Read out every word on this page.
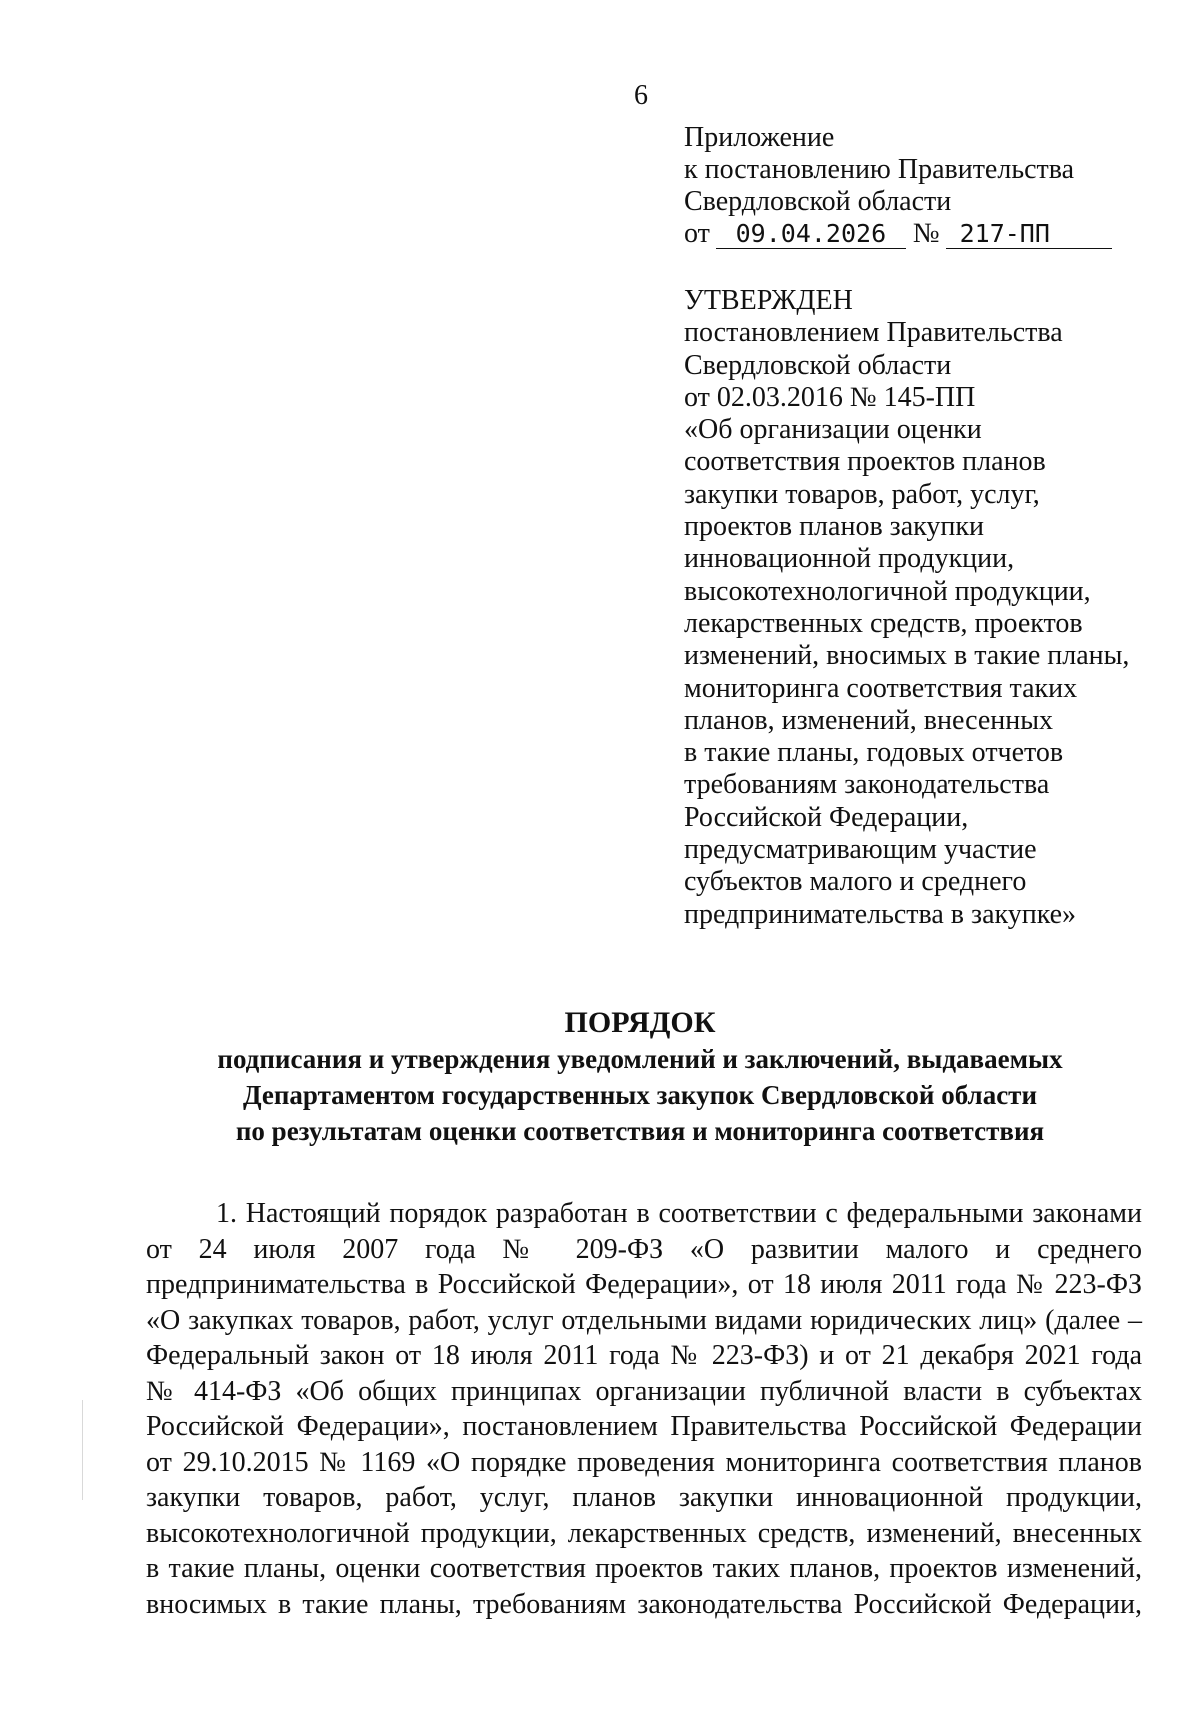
6
Приложение
к постановлению Правительства
Свердловской области
от 09.04.2026 № 217-ПП
УТВЕРЖДЕН
постановлением Правительства
Свердловской области
от 02.03.2016 № 145-ПП
«Об организации оценки
соответствия проектов планов
закупки товаров, работ, услуг,
проектов планов закупки
инновационной продукции,
высокотехнологичной продукции,
лекарственных средств, проектов
изменений, вносимых в такие планы,
мониторинга соответствия таких
планов, изменений, внесенных
в такие планы, годовых отчетов
требованиям законодательства
Российской Федерации,
предусматривающим участие
субъектов малого и среднего
предпринимательства в закупке»
ПОРЯДОК
подписания и утверждения уведомлений и заключений, выдаваемых
Департаментом государственных закупок Свердловской области
по результатам оценки соответствия и мониторинга соответствия
1. Настоящий порядок разработан в соответствии с федеральными законами
от 24 июля 2007 года № 209-ФЗ «О развитии малого и среднего
предпринимательства в Российской Федерации», от 18 июля 2011 года № 223-ФЗ
«О закупках товаров, работ, услуг отдельными видами юридических лиц» (далее –
Федеральный закон от 18 июля 2011 года № 223-ФЗ) и от 21 декабря 2021 года
№ 414-ФЗ «Об общих принципах организации публичной власти в субъектах
Российской Федерации», постановлением Правительства Российской Федерации
от 29.10.2015 № 1169 «О порядке проведения мониторинга соответствия планов
закупки товаров, работ, услуг, планов закупки инновационной продукции,
высокотехнологичной продукции, лекарственных средств, изменений, внесенных
в такие планы, оценки соответствия проектов таких планов, проектов изменений,
вносимых в такие планы, требованиям законодательства Российской Федерации,
